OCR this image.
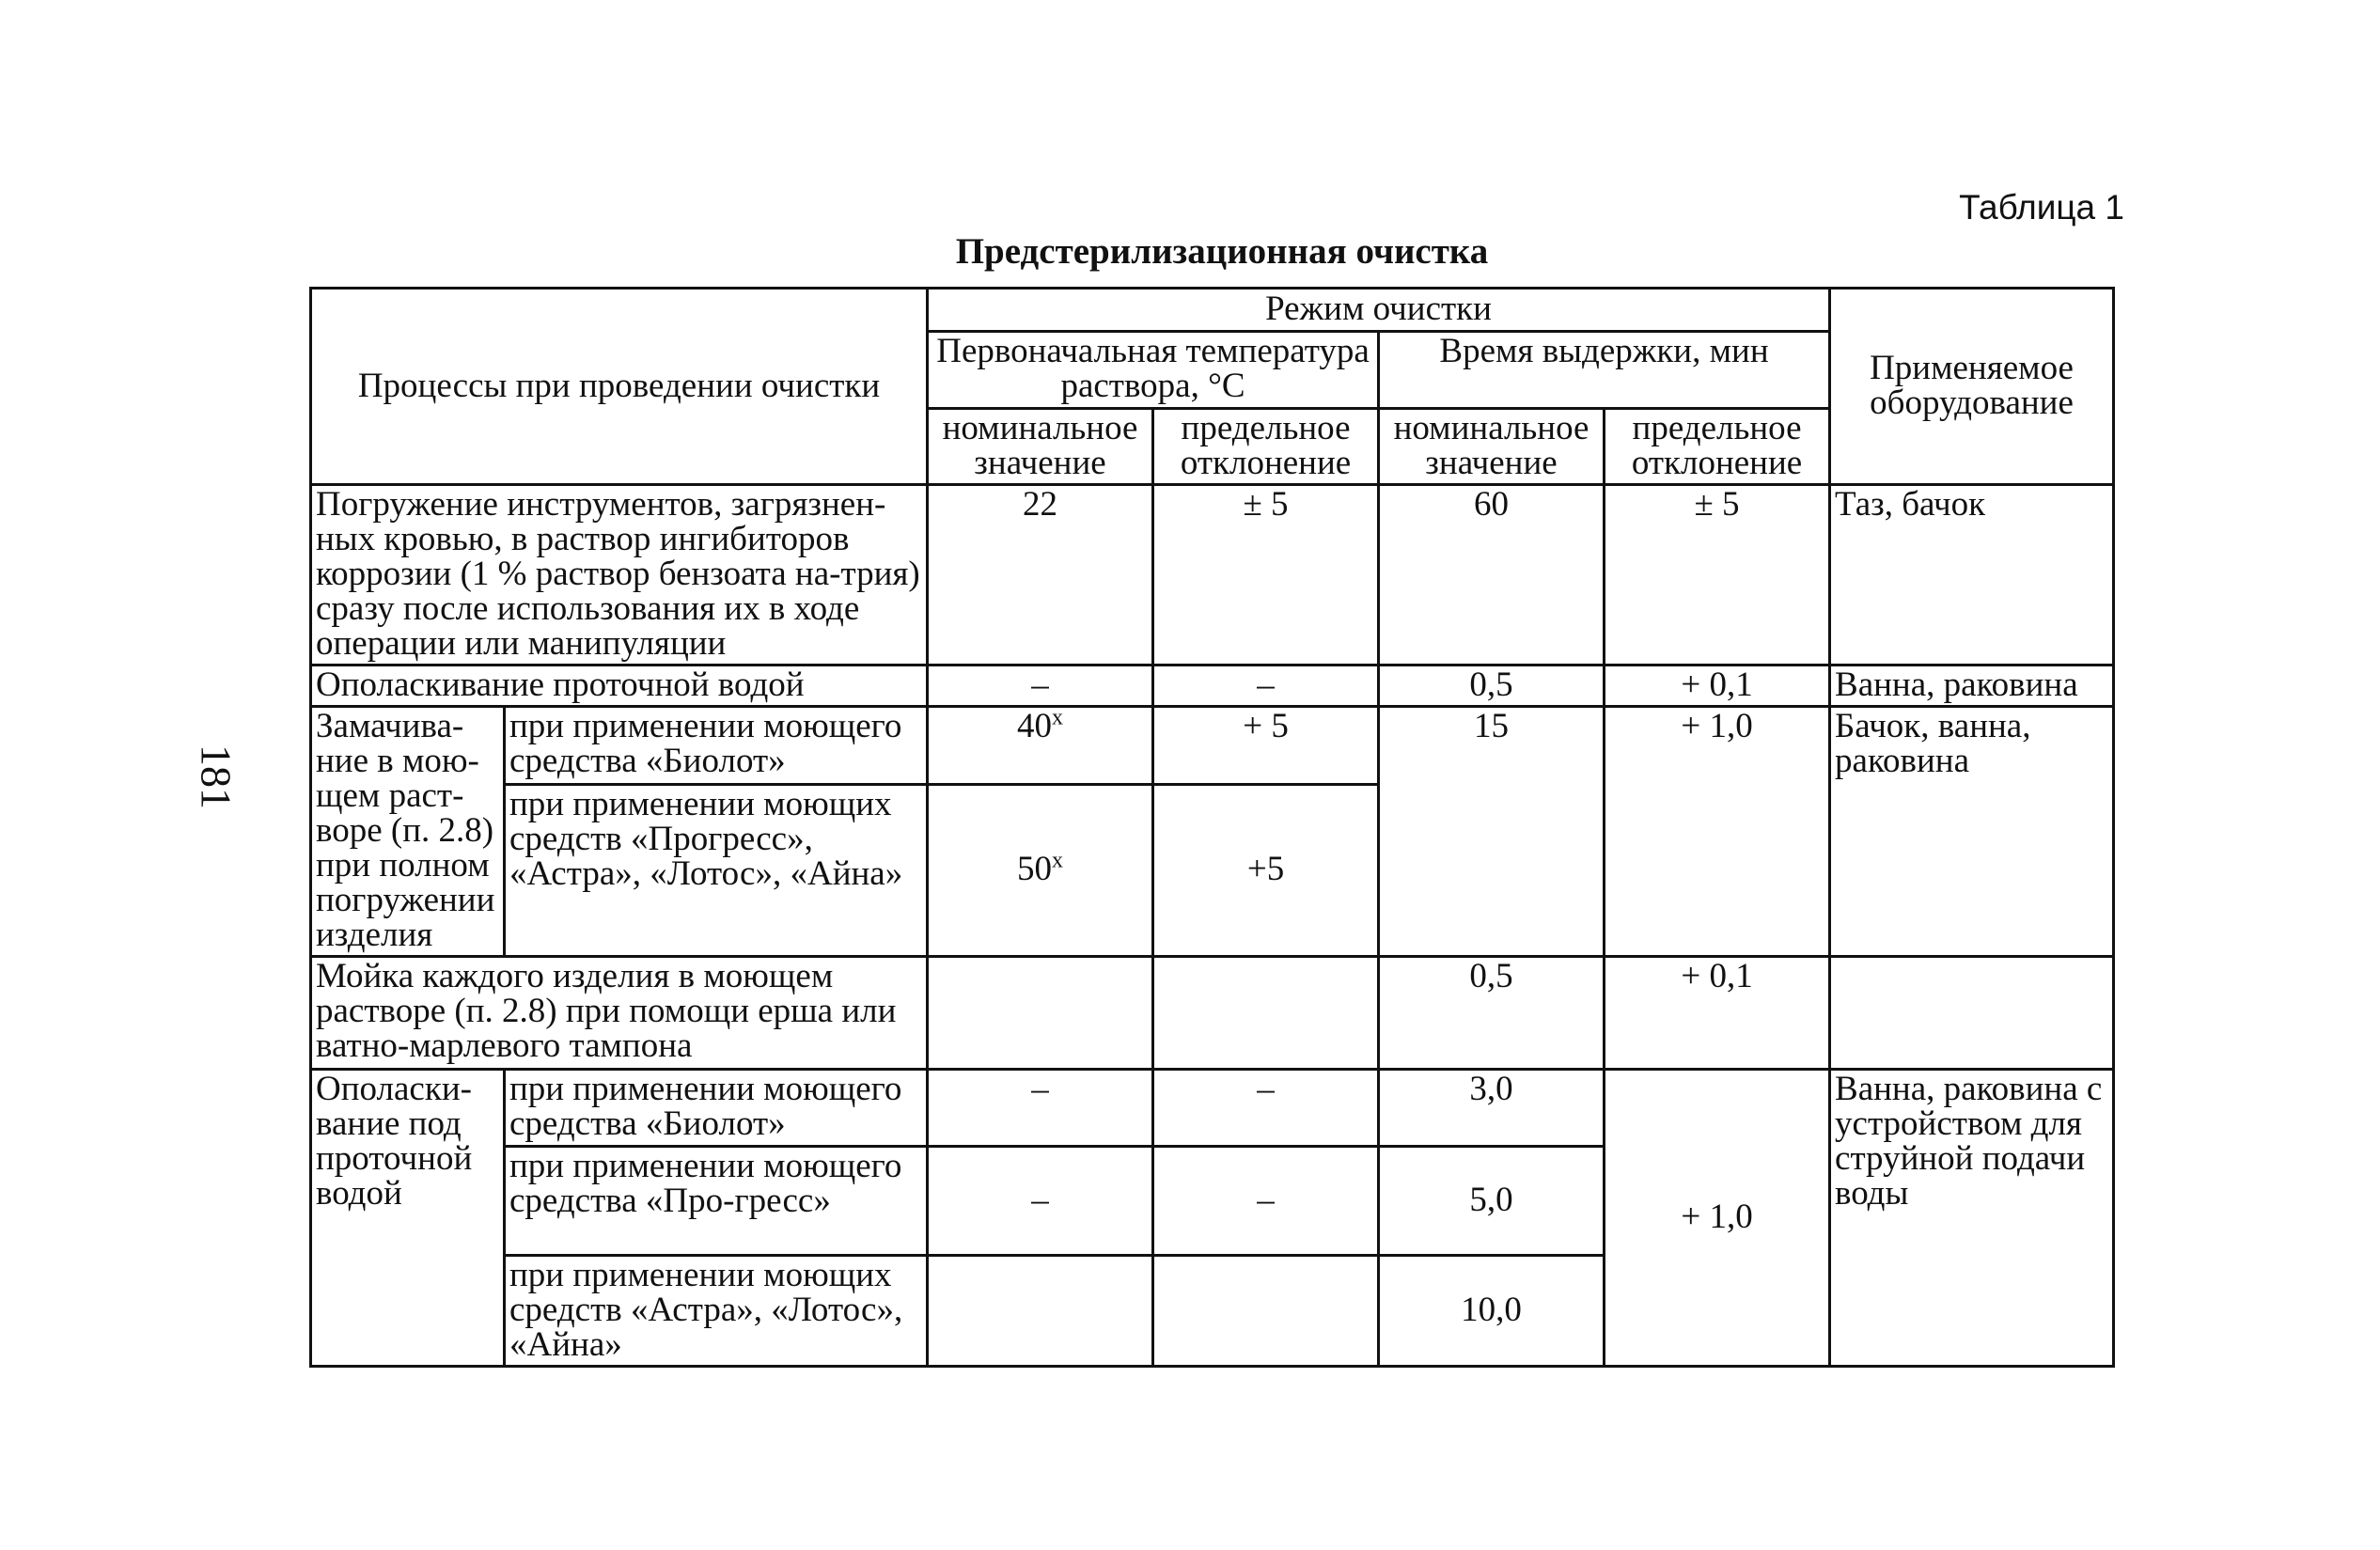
Таблица 1
Предстерилизационная очистка
181
Процессы при проведении очистки		Режим очистки				Применяемое оборудование
		Первоначальная температура раствора, °С		Время выдержки, мин		
		номинальное значение	предельное отклонение	номинальное значение	предельное отклонение	
Погружение инструментов, загрязнен-ных кровью, в раствор ингибиторов коррозии (1 % раствор бензоата на-трия) сразу после использования их в ходе операции или манипуляции		22	± 5	60	± 5	Таз, бачок
Ополаскивание проточной водой		–	–	0,5	+ 0,1	Ванна, раковина
Замачива-ние в мою-щем раст-воре (п. 2.8) при полном погружении изделия	при применении моющего средства «Биолот»	$40^х$	+ 5	15	+ 1,0	Бачок, ванна, раковина
	при применении моющих средств «Прогресс», «Астра», «Лотос», «Айна»	$50^х$	+5			
Мойка каждого изделия в моющем растворе (п. 2.8) при помощи ерша или ватно-марлевого тампона				0,5	+ 0,1	
Ополаски-вание под проточной водой	при применении моющего средства «Биолот»	–	–	3,0	+ 1,0	Ванна, раковина с устройством для струйной подачи воды
	при применении моющего средства «Про-гресс»	–	–	5,0		
	при применении моющих средств «Астра», «Лотос», «Айна»			10,0		
